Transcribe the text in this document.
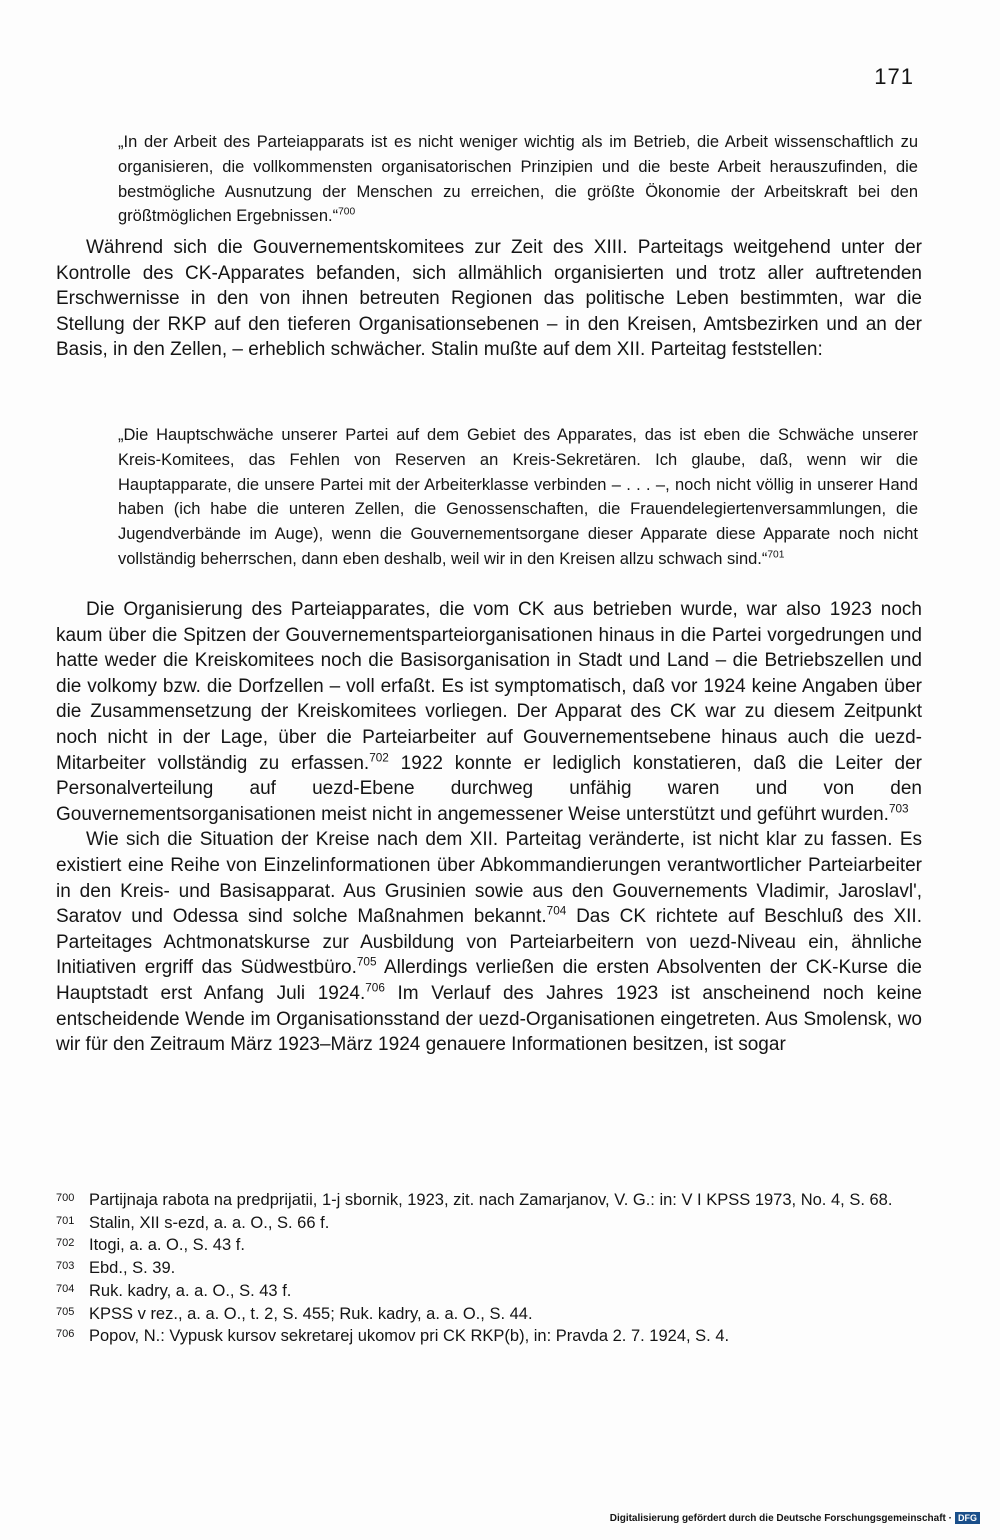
171

„In der Arbeit des Parteiapparats ist es nicht weniger wichtig als im Betrieb, die Arbeit wissenschaftlich zu organisieren, die vollkommensten organisatorischen Prinzipien und die beste Arbeit herauszufinden, die bestmögliche Ausnutzung der Menschen zu erreichen, die größte Ökonomie der Arbeitskraft bei den größtmöglichen Ergebnissen.“$^{700}$

Während sich die Gouvernementskomitees zur Zeit des XIII. Parteitags weitgehend unter der Kontrolle des CK-Apparates befanden, sich allmählich organisierten und trotz aller auftretenden Erschwernisse in den von ihnen betreuten Regionen das politische Leben bestimmten, war die Stellung der RKP auf den tieferen Organisationsebenen – in den Kreisen, Amtsbezirken und an der Basis, in den Zellen, – erheblich schwächer. Stalin mußte auf dem XII. Parteitag feststellen:

„Die Hauptschwäche unserer Partei auf dem Gebiet des Apparates, das ist eben die Schwäche unserer Kreis-Komitees, das Fehlen von Reserven an Kreis-Sekretären. Ich glaube, daß, wenn wir die Hauptapparate, die unsere Partei mit der Arbeiterklasse verbinden – . . . –, noch nicht völlig in unserer Hand haben (ich habe die unteren Zellen, die Genossenschaften, die Frauendelegiertenversammlungen, die Jugendverbände im Auge), wenn die Gouvernementsorgane dieser Apparate diese Apparate noch nicht vollständig beherrschen, dann eben deshalb, weil wir in den Kreisen allzu schwach sind.“$^{701}$

Die Organisierung des Parteiapparates, die vom CK aus betrieben wurde, war also 1923 noch kaum über die Spitzen der Gouvernementsparteiorganisationen hinaus in die Partei vorgedrungen und hatte weder die Kreiskomitees noch die Basisorganisation in Stadt und Land – die Betriebszellen und die volkomy bzw. die Dorfzellen – voll erfaßt. Es ist symptomatisch, daß vor 1924 keine Angaben über die Zusammensetzung der Kreiskomitees vorliegen. Der Apparat des CK war zu diesem Zeitpunkt noch nicht in der Lage, über die Parteiarbeiter auf Gouvernementsebene hinaus auch die uezd-Mitarbeiter vollständig zu erfassen.$^{702}$ 1922 konnte er lediglich konstatieren, daß die Leiter der Personalverteilung auf uezd-Ebene durchweg unfähig waren und von den Gouvernementsorganisationen meist nicht in angemessener Weise unterstützt und geführt wurden.$^{703}$

Wie sich die Situation der Kreise nach dem XII. Parteitag veränderte, ist nicht klar zu fassen. Es existiert eine Reihe von Einzelinformationen über Abkommandierungen verantwortlicher Parteiarbeiter in den Kreis- und Basisapparat. Aus Grusinien sowie aus den Gouvernements Vladimir, Jaroslavl', Saratov und Odessa sind solche Maßnahmen bekannt.$^{704}$ Das CK richtete auf Beschluß des XII. Parteitages Achtmonatskurse zur Ausbildung von Parteiarbeitern von uezd-Niveau ein, ähnliche Initiativen ergriff das Südwestbüro.$^{705}$ Allerdings verließen die ersten Absolventen der CK-Kurse die Hauptstadt erst Anfang Juli 1924.$^{706}$ Im Verlauf des Jahres 1923 ist anscheinend noch keine entscheidende Wende im Organisationsstand der uezd-Organisationen eingetreten. Aus Smolensk, wo wir für den Zeitraum März 1923–März 1924 genauere Informationen besitzen, ist sogar

700 Partijnaja rabota na predprijatii, 1-j sbornik, 1923, zit. nach Zamarjanov, V. G.: in: V I KPSS 1973, No. 4, S. 68.
701 Stalin, XII s-ezd, a. a. O., S. 66 f.
702 Itogi, a. a. O., S. 43 f.
703 Ebd., S. 39.
704 Ruk. kadry, a. a. O., S. 43 f.
705 KPSS v rez., a. a. O., t. 2, S. 455; Ruk. kadry, a. a. O., S. 44.
706 Popov, N.: Vypusk kursov sekretarej ukomov pri CK RKP(b), in: Pravda 2. 7. 1924, S. 4.
Digitalisierung gefördert durch die Deutsche Forschungsgemeinschaft · DFG
